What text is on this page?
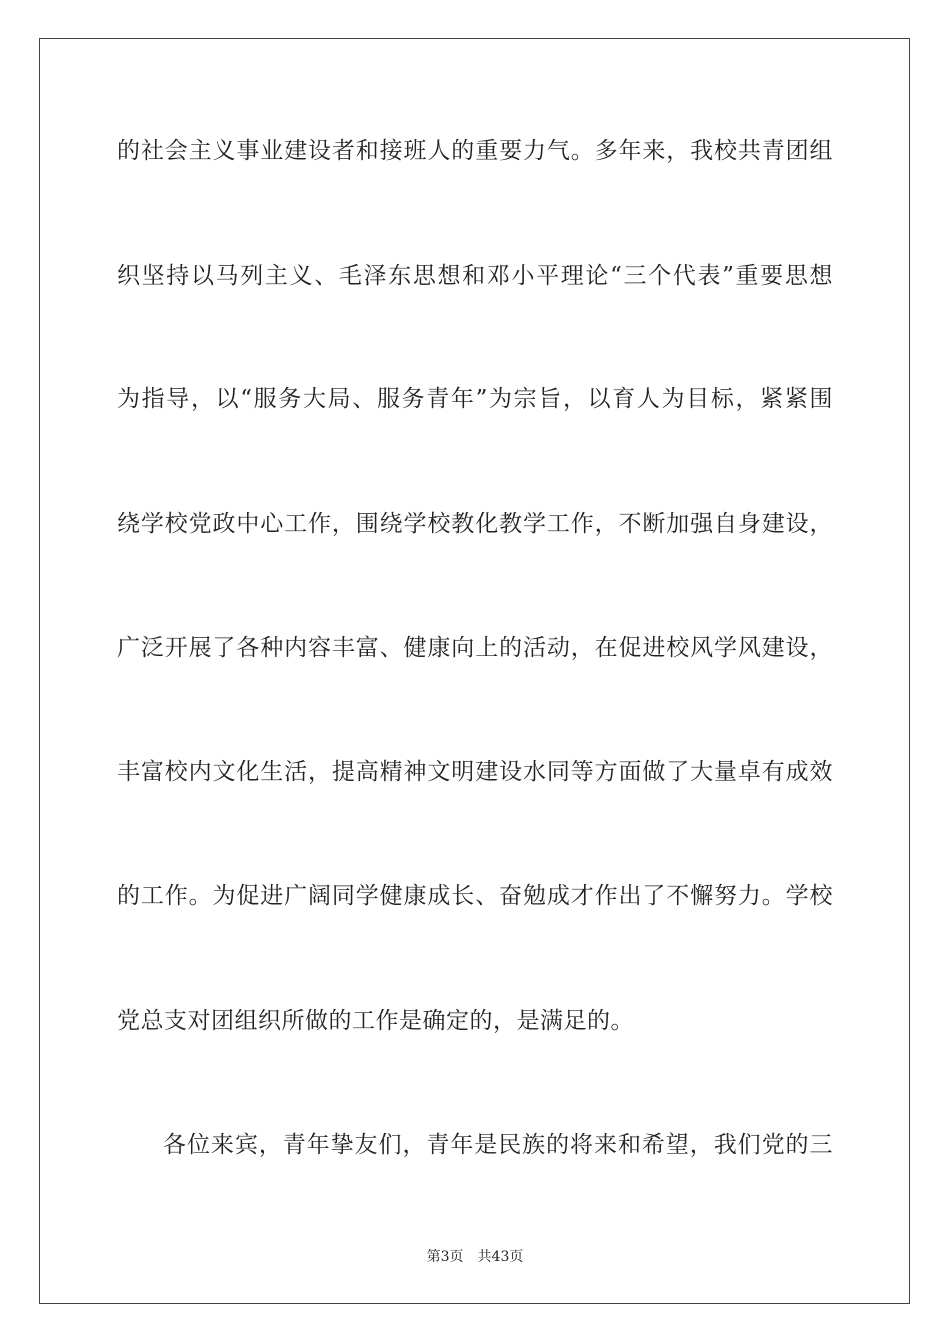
的社会主义事业建设者和接班人的重要力气。多年来，我校共青团组
织坚持以马列主义、毛泽东思想和邓小平理论“三个代表”重要思想
为指导，以“服务大局、服务青年”为宗旨，以育人为目标，紧紧围
绕学校党政中心工作，围绕学校教化教学工作，不断加强自身建设，
广泛开展了各种内容丰富、健康向上的活动，在促进校风学风建设，
丰富校内文化生活，提高精神文明建设水同等方面做了大量卓有成效
的工作。为促进广阔同学健康成长、奋勉成才作出了不懈努力。学校
党总支对团组织所做的工作是确定的，是满足的。
各位来宾，青年挚友们，青年是民族的将来和希望，我们党的三
第3页 共43页
